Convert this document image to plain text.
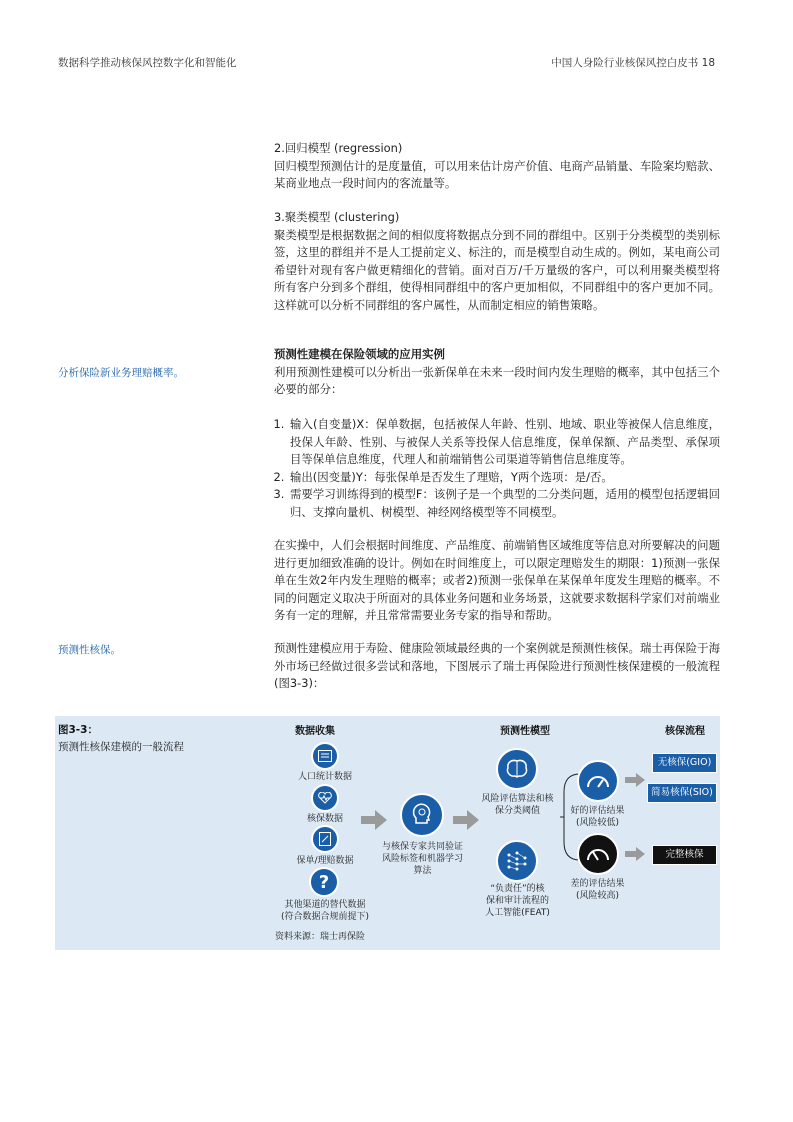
数据科学推动核保风控数字化和智能化	中国人身险行业核保风控白皮书 18

2.回归模型 (regression)

回归模型预测估计的是度量值，可以用来估计房产价值、电商产品销量、车险案均赔款、某商业地点一段时间内的客流量等。

3.聚类模型 (clustering)

聚类模型是根据数据之间的相似度将数据点分到不同的群组中。区别于分类模型的类别标签，这里的群组并不是人工提前定义、标注的，而是模型自动生成的。例如，某电商公司希望针对现有客户做更精细化的营销。面对百万/千万量级的客户，可以利用聚类模型将所有客户分到多个群组，使得相同群组中的客户更加相似，不同群组中的客户更加不同。这样就可以分析不同群组的客户属性，从而制定相应的销售策略。

分析保险新业务理赔概率。

预测性建模在保险领域的应用实例

利用预测性建模可以分析出一张新保单在未来一段时间内发生理赔的概率，其中包括三个必要的部分：

1. 输入(自变量)X：保单数据，包括被保人年龄、性别、地域、职业等被保人信息维度，投保人年龄、性别、与被保人关系等投保人信息维度，保单保额、产品类型、承保项目等保单信息维度，代理人和前端销售公司渠道等销售信息维度等。
2. 输出(因变量)Y：每张保单是否发生了理赔，Y两个选项：是/否。
3. 需要学习训练得到的模型F：该例子是一个典型的二分类问题，适用的模型包括逻辑回归、支撑向量机、树模型、神经网络模型等不同模型。

在实操中，人们会根据时间维度、产品维度、前端销售区域维度等信息对所要解决的问题进行更加细致准确的设计。例如在时间维度上，可以限定理赔发生的期限：1)预测一张保单在生效2年内发生理赔的概率；或者2)预测一张保单在某保单年度发生理赔的概率。不同的问题定义取决于所面对的具体业务问题和业务场景，这就要求数据科学家们对前端业务有一定的理解，并且常常需要业务专家的指导和帮助。

预测性核保。	预测性建模应用于寿险、健康险领域最经典的一个案例就是预测性核保。瑞士再保险于海外市场已经做过很多尝试和落地，下图展示了瑞士再保险进行预测性核保建模的一般流程(图3-3)：

图3-3：
预测性核保建模的一般流程
数据收集	预测性模型	核保流程
人口统计数据
核保数据
保单/理赔数据
?
其他渠道的替代数据
(符合数据合规前提下)
与核保专家共同验证
风险标签和机器学习
算法
风险评估算法和核
保分类阈值
“负责任”的核
保和审计流程的
人工智能(FEAT)
好的评估结果
(风险较低)
差的评估结果
(风险较高)
无核保(GIO)
简易核保(SIO)
完整核保
资料来源：瑞士再保险
